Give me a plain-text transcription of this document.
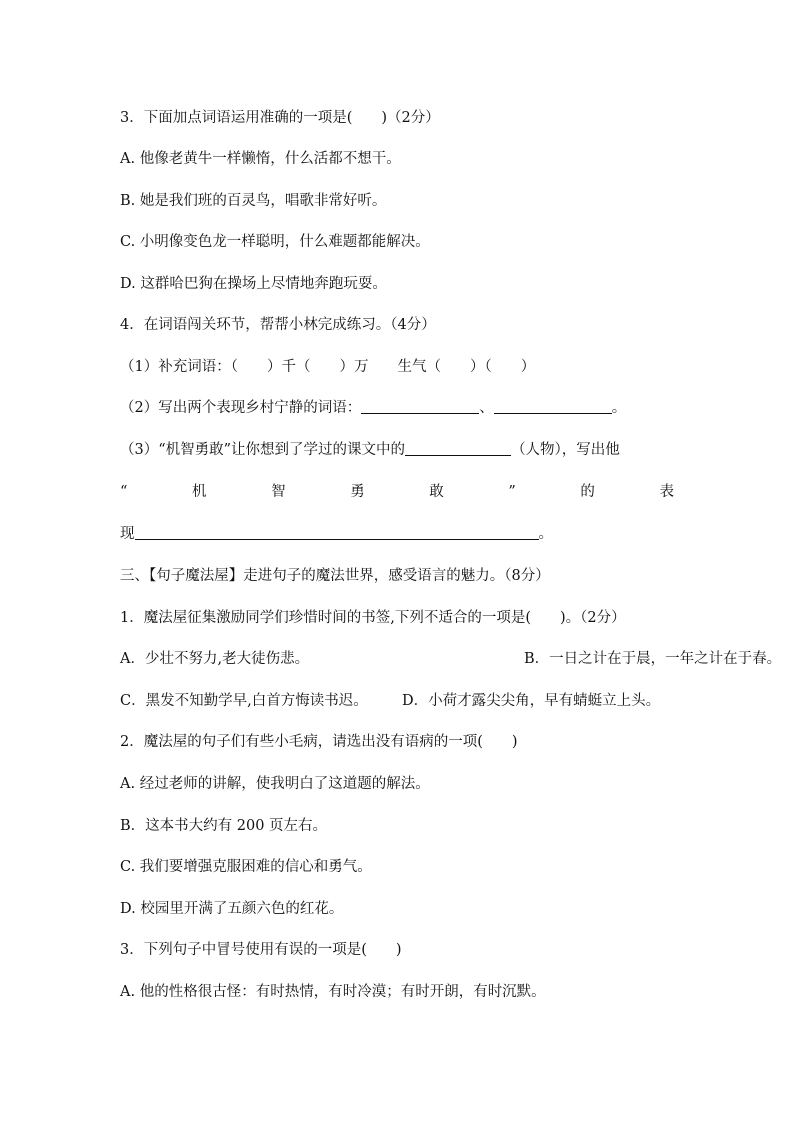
3．下面加点词语运用准确的一项是(　　)（2分）
A. 他像老黄牛一样懒惰，什么活都不想干。
B. 她是我们班的百灵鸟，唱歌非常好听。
C. 小明像变色龙一样聪明，什么难题都能解决。
D. 这群哈巴狗在操场上尽情地奔跑玩耍。
4．在词语闯关环节，帮帮小林完成练习。（4分）
（1）补充词语：（　　）千（　　）万　　生气（　　）（　　）
（2）写出两个表现乡村宁静的词语：	、	。
（3）“机智勇敢”让你想到了学过的课文中的	（人物），写出他
“	机	智	勇	敢	”	的	表
现	。
三、【句子魔法屋】走进句子的魔法世界，感受语言的魅力。（8分）
1．魔法屋征集激励同学们珍惜时间的书签,下列不适合的一项是(　　)。（2分）
A．少壮不努力,老大徒伤悲。	B．一日之计在于晨，一年之计在于春。
C．黑发不知勤学早,白首方悔读书迟。 D．小荷才露尖尖角，早有蜻蜓立上头。
2．魔法屋的句子们有些小毛病，请选出没有语病的一项(　　)
A. 经过老师的讲解，使我明白了这道题的解法。
B．这本书大约有 200 页左右。
C. 我们要增强克服困难的信心和勇气。
D. 校园里开满了五颜六色的红花。
3．下列句子中冒号使用有误的一项是(　　)
A. 他的性格很古怪：有时热情，有时冷漠；有时开朗，有时沉默。
